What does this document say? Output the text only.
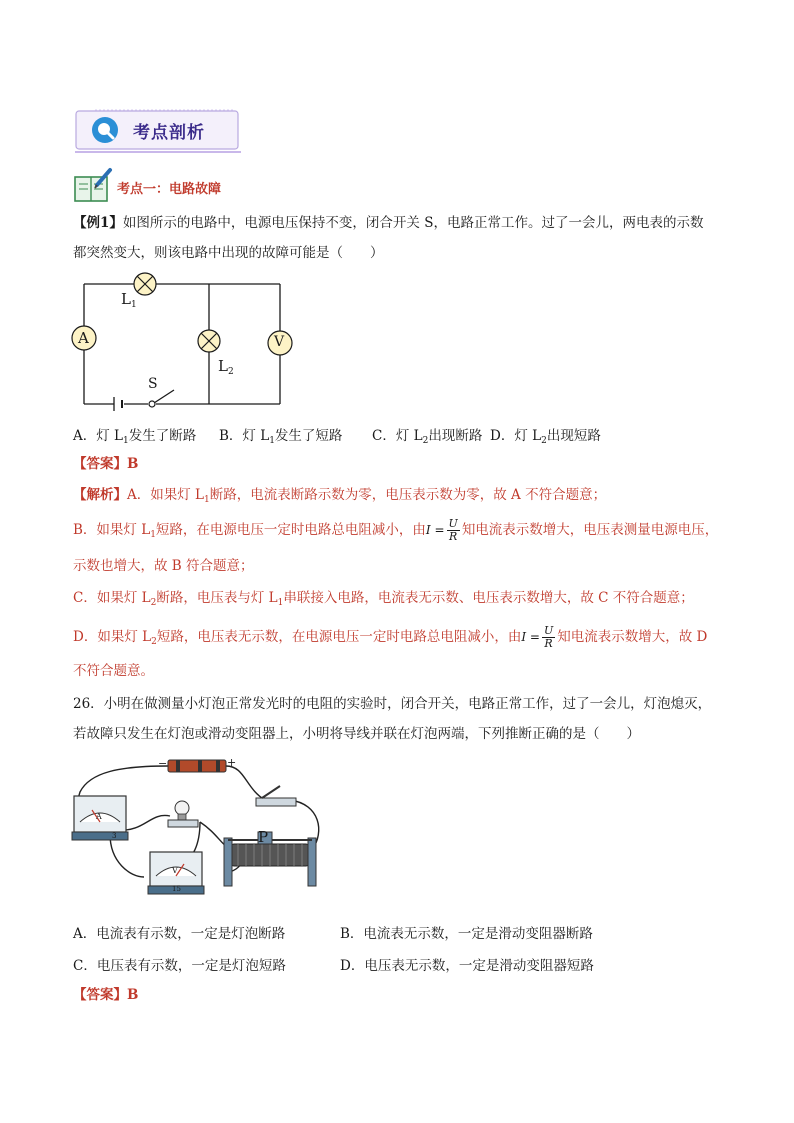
考点剖析
考点一：电路故障
【例1】如图所示的电路中，电源电压保持不变，闭合开关 S，电路正常工作。过了一会儿，两电表的示数
都突然变大，则该电路中出现的故障可能是（　　）
A	V
$L_1$
$L_2$
S
A．灯 $L_1$发生了断路 B．灯 $L_1$发生了短路 C．灯 $L_2$出现断路 D．灯 $L_2$出现短路
【答案】B
【解析】A．如果灯 $L_1$断路，电流表断路示数为零，电压表示数为零，故 A 不符合题意；
B．如果灯 $L_1$短路，在电源电压一定时电路总电阻减小，由$I = \frac{U}{R}$ 知电流表示数增大，电压表测量电源电压，
示数也增大，故 B 符合题意；
C．如果灯 $L_2$断路，电压表与灯 $L_1$串联接入电路，电流表无示数、电压表示数增大，故 C 不符合题意；
D．如果灯 $L_2$短路，电压表无示数，在电源电压一定时电路总电阻减小，由$I = \frac{U}{R}$ 知电流表示数增大，故 D
不符合题意。
26．小明在做测量小灯泡正常发光时的电阻的实验时，闭合开关，电路正常工作，过了一会儿，灯泡熄灭，
若故障只发生在灯泡或滑动变阻器上，小明将导线并联在灯泡两端，下列推断正确的是（　　）
−	+
P
A
3
V
15
A．电流表有示数，一定是灯泡断路	B．电流表无示数，一定是滑动变阻器断路
C．电压表有示数，一定是灯泡短路	D．电压表无示数，一定是滑动变阻器短路
【答案】B
